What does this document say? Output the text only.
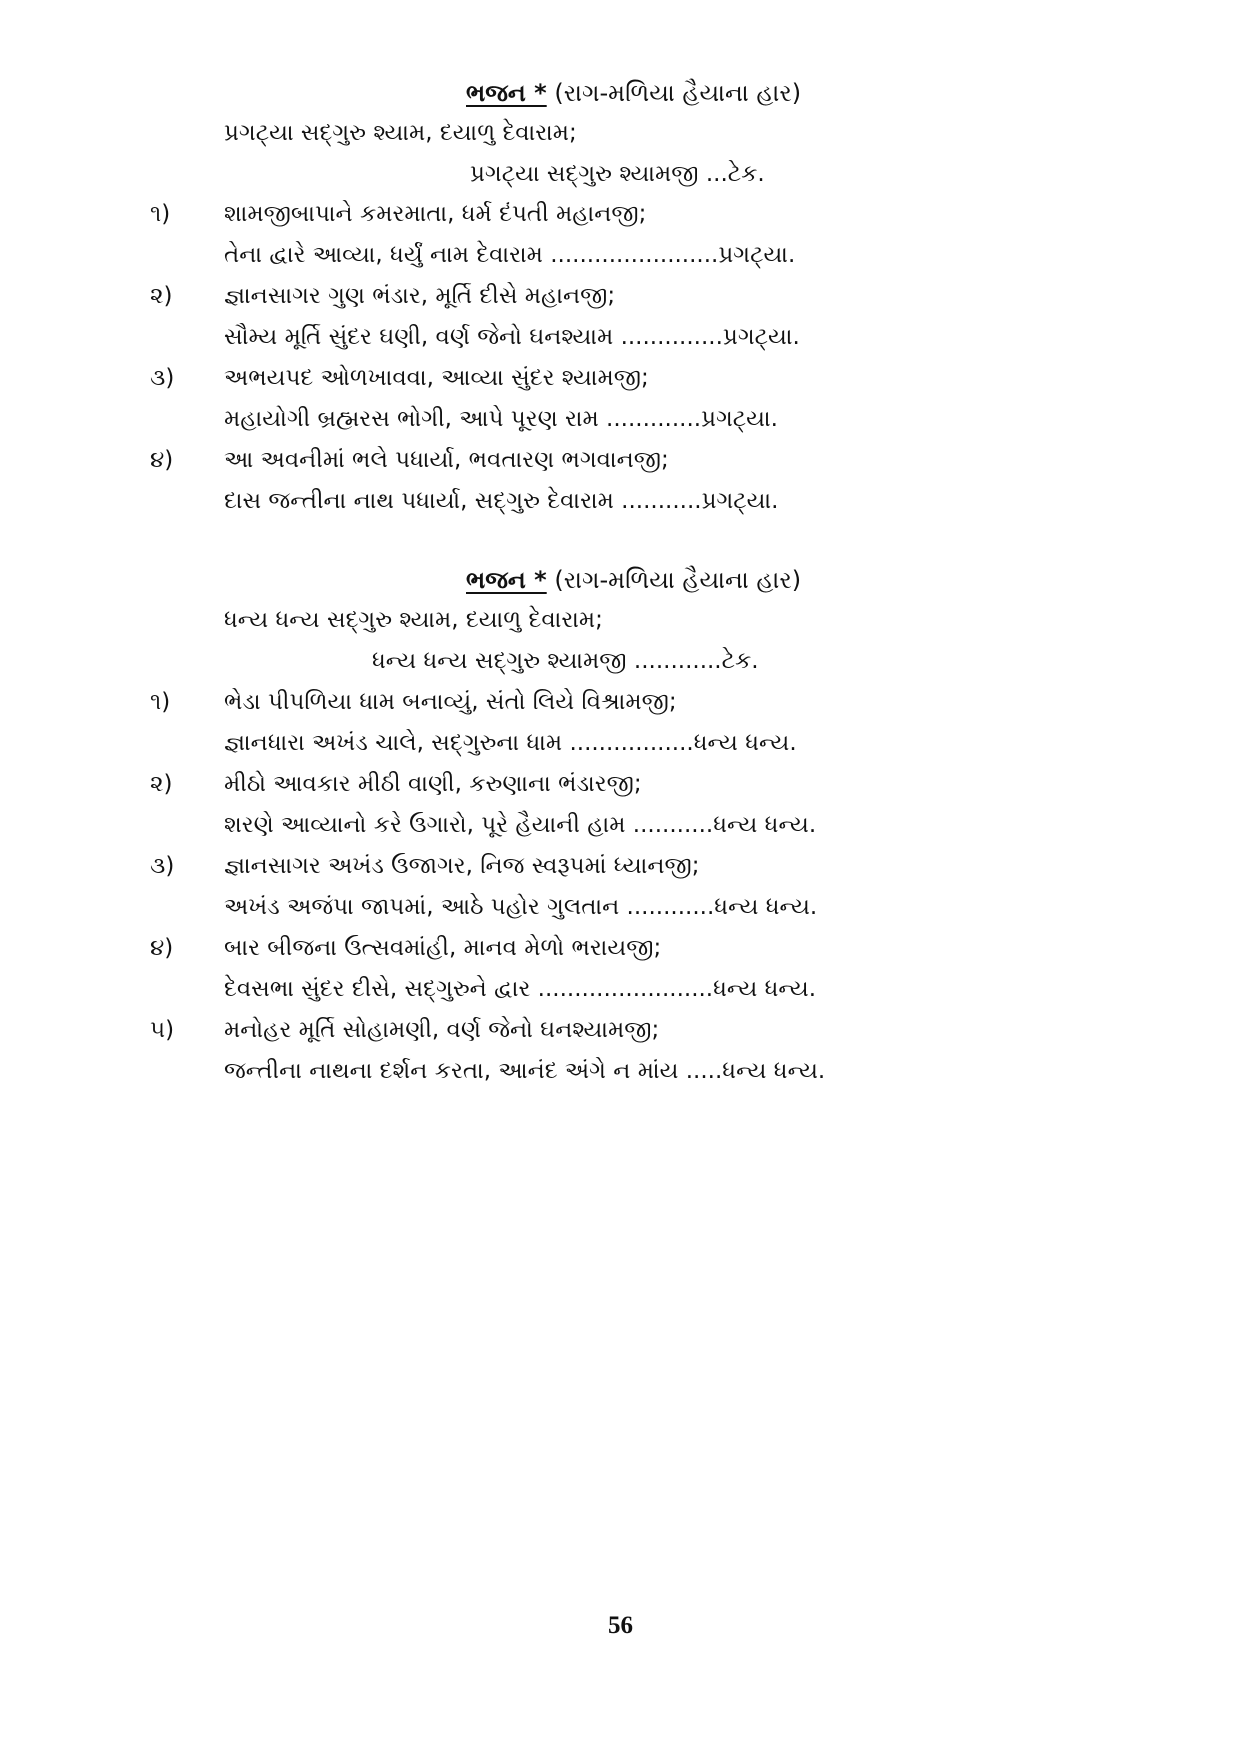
ભજન * (રાગ-મળિયા હૈયાના હાર)
પ્રગટ્યા સદ્ગુરુ શ્યામ, દયાળુ દેવારામ;
પ્રગટ્યા સદ્ગુરુ શ્યામજી ...ટેક.
૧) શામજીબાપાને કમરમાતા, ધર્મ દંપતી મહાનજી;
તેના દ્વારે આવ્યા, ધર્યું નામ દેવારામ .......................પ્રગટ્યા.
૨) જ્ઞાનસાગર ગુણ ભંડાર, મૂર્તિ દીસે મહાનજી;
સૌમ્ય મૂર્તિ સુંદર ઘણી, વર્ણ જેનો ઘનશ્યામ ..............પ્રગટ્યા.
૩) અભયપદ ઓળખાવવા, આવ્યા સુંદર શ્યામજી;
મહાયોગી બ્રહ્મરસ ભોગી, આપે પૂરણ રામ .............પ્રગટ્યા.
૪) આ અવનીમાં ભલે પધાર્યા, ભવતારણ ભગવાનજી;
દાસ જન્તીના નાથ પધાર્યા, સદ્ગુરુ દેવારામ ...........પ્રગટ્યા.
ભજન * (રાગ-મળિયા હૈયાના હાર)
ધન્ય ધન્ય સદ્ગુરુ શ્યામ, દયાળુ દેવારામ;
ધન્ય ધન્ય સદ્ગુરુ શ્યામજી ............ટેક.
૧) ભેડા પીપળિયા ધામ બનાવ્યું, સંતો લિયે વિશ્રામજી;
જ્ઞાનધારા અખંડ ચાલે, સદ્ગુરુના ધામ .................ધન્ય ધન્ય.
૨) મીઠો આવકાર મીઠી વાણી, કરુણાના ભંડારજી;
શરણે આવ્યાનો કરે ઉગારો, પૂરે હૈયાની હામ ...........ધન્ય ધન્ય.
૩) જ્ઞાનસાગર અખંડ ઉજાગર, નિજ સ્વરૂપમાં ધ્યાનજી;
અખંડ અજંપા જાપમાં, આઠે પહોર ગુલતાન ............ધન્ય ધન્ય.
૪) બાર બીજના ઉત્સવમાંહી, માનવ મેળો ભરાયજી;
દેવસભા સુંદર દીસે, સદ્ગુરુને દ્વાર ........................ધન્ય ધન્ય.
૫) મનોહર મૂર્તિ સોહામણી, વર્ણ જેનો ઘનશ્યામજી;
જન્તીના નાથના દર્શન કરતા, આનંદ અંગે ન માંય .....ધન્ય ધન્ય.
56
